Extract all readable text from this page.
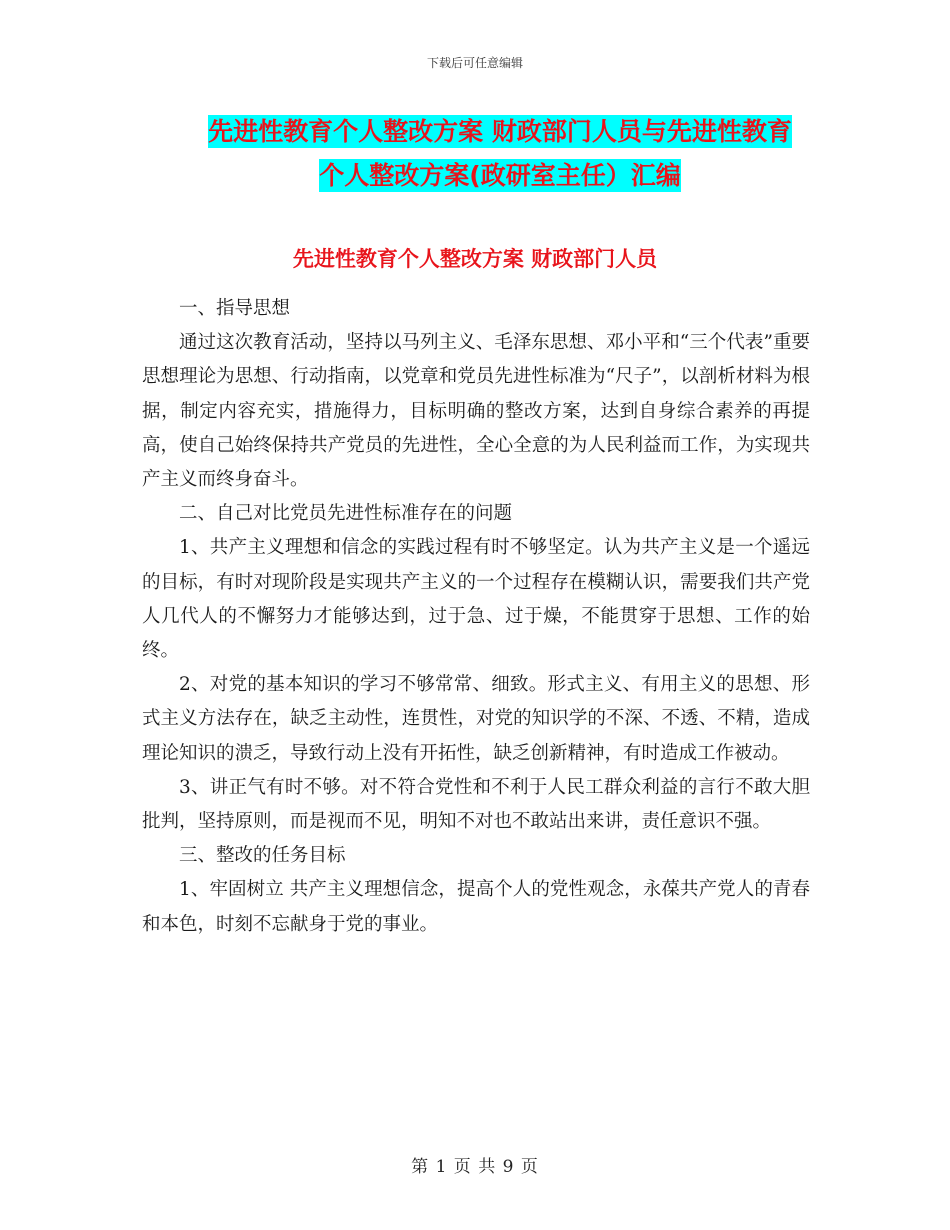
下载后可任意编辑
先进性教育个人整改方案 财政部门人员与先进性教育
个人整改方案(政研室主任）汇编
先进性教育个人整改方案 财政部门人员

一、指导思想

通过这次教育活动，坚持以马列主义、毛泽东思想、邓小平和“三个代表”重要思想理论为思想、行动指南，以党章和党员先进性标准为“尺子”，以剖析材料为根据，制定内容充实，措施得力，目标明确的整改方案，达到自身综合素养的再提高，使自己始终保持共产党员的先进性，全心全意的为人民利益而工作，为实现共产主义而终身奋斗。

二、自己对比党员先进性标准存在的问题

1、共产主义理想和信念的实践过程有时不够坚定。认为共产主义是一个遥远的目标，有时对现阶段是实现共产主义的一个过程存在模糊认识，需要我们共产党人几代人的不懈努力才能够达到，过于急、过于燥，不能贯穿于思想、工作的始终。

2、对党的基本知识的学习不够常常、细致。形式主义、有用主义的思想、形式主义方法存在，缺乏主动性，连贯性，对党的知识学的不深、不透、不精，造成理论知识的溃乏，导致行动上没有开拓性，缺乏创新精神，有时造成工作被动。

3、讲正气有时不够。对不符合党性和不利于人民工群众利益的言行不敢大胆批判，坚持原则，而是视而不见，明知不对也不敢站出来讲，责任意识不强。

三、整改的任务目标

1、牢固树立 共产主义理想信念，提高个人的党性观念，永葆共产党人的青春和本色，时刻不忘献身于党的事业。

第 1 页 共 9 页
